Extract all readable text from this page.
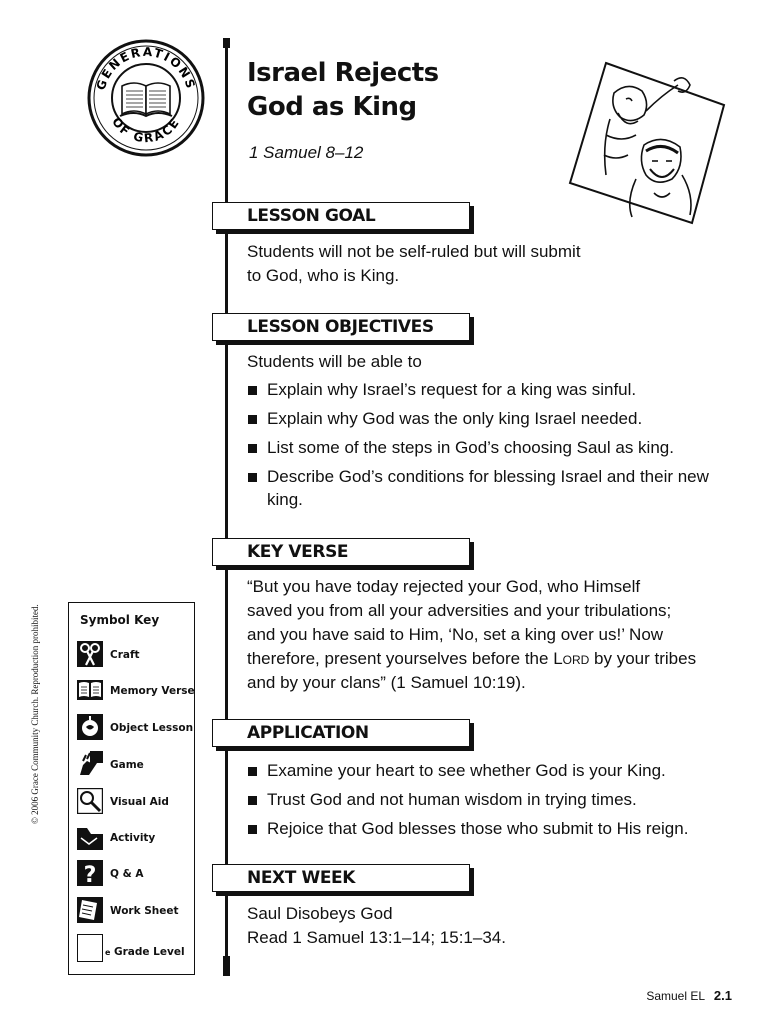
GENERATIONS
OF GRACE
Israel Rejects
God as King
1 Samuel 8–12
LESSON GOAL
Students will not be self-ruled but will submit
to God, who is King.
LESSON OBJECTIVES
Students will be able to
Explain why Israel’s request for a king was sinful.
Explain why God was the only king Israel needed.
List some of the steps in God’s choosing Saul as king.
Describe God’s conditions for blessing Israel and their new king.
KEY VERSE
“But you have today rejected your God, who Himself
saved you from all your adversities and your tribulations;
and you have said to Him, ‘No, set a king over us!’ Now
therefore, present yourselves before the Lord by your tribes
and by your clans” (1 Samuel 10:19).
APPLICATION
Examine your heart to see whether God is your King.
Trust God and not human wisdom in trying times.
Rejoice that God blesses those who submit to His reign.
NEXT WEEK
Saul Disobeys God
Read 1 Samuel 13:1–14; 15:1–34.
© 2006 Grace Community Church. Reproduction prohibited.	Symbol Key
Craft
Memory Verse
Object Lesson
Game
Visual Aid
Activity
? Q & A
Work Sheet
e Grade Level
Samuel EL 2.1
